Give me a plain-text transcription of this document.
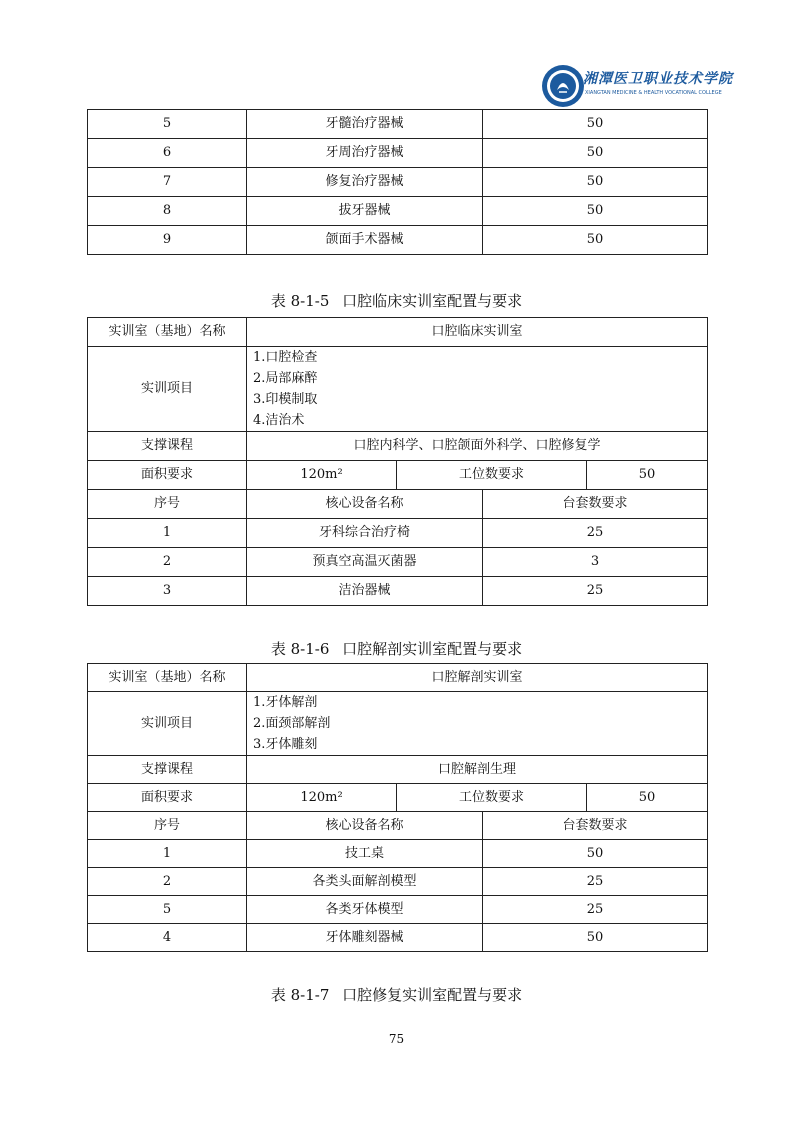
湘潭医卫职业技术学院
XIANGTAN MEDICINE & HEALTH VOCATIONAL COLLEGE
5	牙髓治疗器械	50
6	牙周治疗器械	50
7	修复治疗器械	50
8	拔牙器械	50
9	颌面手术器械	50
表 8-1-5 口腔临床实训室配置与要求
实训室（基地）名称	口腔临床实训室			
实训项目	1.口腔检查
2.局部麻醉
3.印模制取
4.洁治术			

支撑课程	口腔内科学、口腔颌面外科学、口腔修复学			
面积要求	120m²	工位数要求		50
序号	核心设备名称		台套数要求	
1	牙科综合治疗椅		25	
2	预真空高温灭菌器		3	
3	洁治器械		25	
表 8-1-6 口腔解剖实训室配置与要求
实训室（基地）名称	口腔解剖实训室			
实训项目	1.牙体解剖
2.面颈部解剖
3.牙体雕刻			

支撑课程	口腔解剖生理			
面积要求	120m²	工位数要求		50
序号	核心设备名称		台套数要求	
1	技工桌		50	
2	各类头面解剖模型		25	
5	各类牙体模型		25	
4	牙体雕刻器械		50	
表 8-1-7 口腔修复实训室配置与要求
75
